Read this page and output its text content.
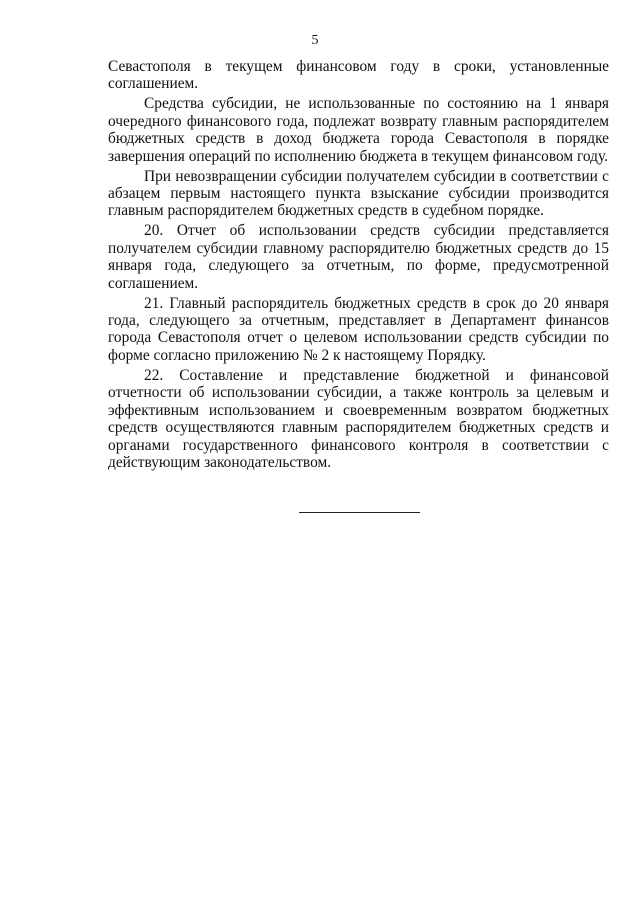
5

Севастополя в текущем финансовом году в сроки, установленные соглашением.

Средства субсидии, не использованные по состоянию на 1 января очередного финансового года, подлежат возврату главным распорядителем бюджетных средств в доход бюджета города Севастополя в порядке завершения операций по исполнению бюджета в текущем финансовом году.

При невозвращении субсидии получателем субсидии в соответствии с абзацем первым настоящего пункта взыскание субсидии производится главным распорядителем бюджетных средств в судебном порядке.

20. Отчет об использовании средств субсидии представляется получателем субсидии главному распорядителю бюджетных средств до 15 января года, следующего за отчетным, по форме, предусмотренной соглашением.

21. Главный распорядитель бюджетных средств в срок до 20 января года, следующего за отчетным, представляет в Департамент финансов города Севастополя отчет о целевом использовании средств субсидии по форме согласно приложению № 2 к настоящему Порядку.

22. Составление и представление бюджетной и финансовой отчетности об использовании субсидии, а также контроль за целевым и эффективным использованием и своевременным возвратом бюджетных средств осуществляются главным распорядителем бюджетных средств и органами государственного финансового контроля в соответствии с действующим законодательством.
